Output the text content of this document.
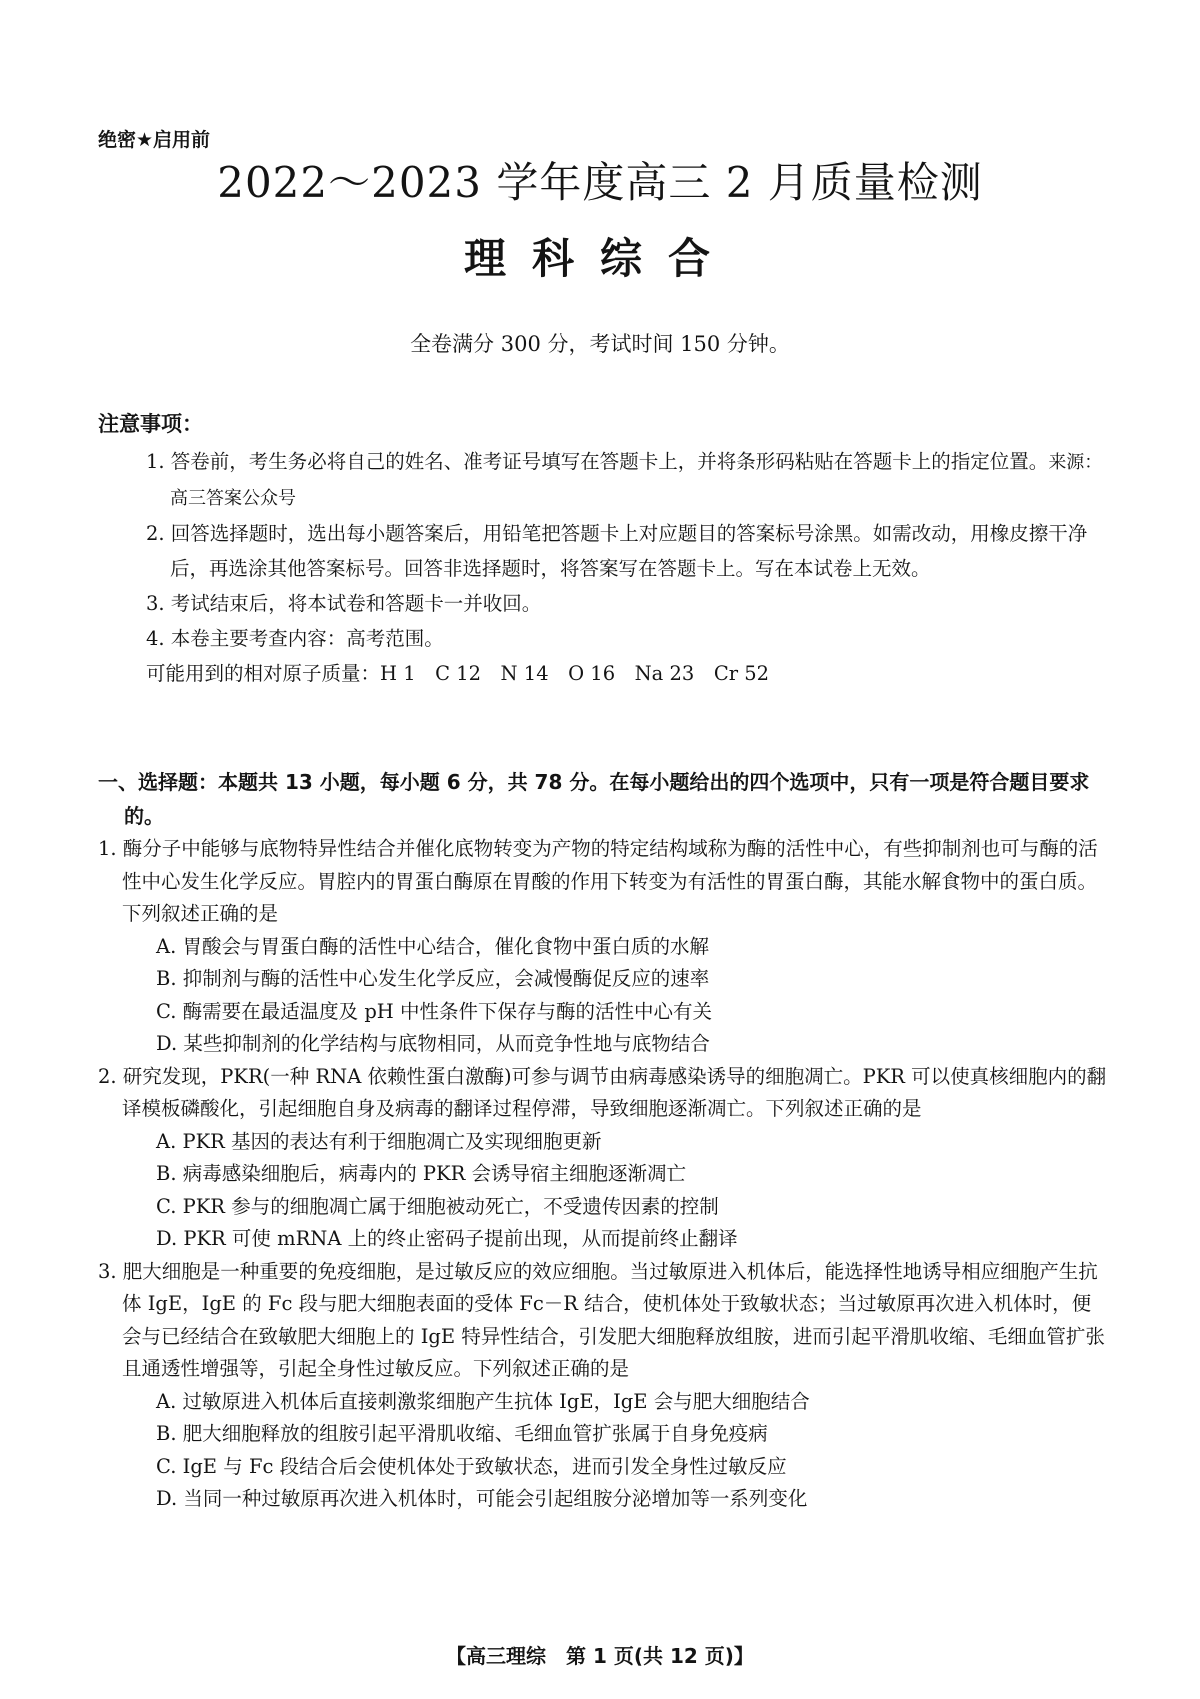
绝密★启用前
2022～2023 学年度高三 2 月质量检测
理科综合
全卷满分 300 分，考试时间 150 分钟。
注意事项：

1. 答卷前，考生务必将自己的姓名、准考证号填写在答题卡上，并将条形码粘贴在答题卡上的指定位置。来源：高三答案公众号

2. 回答选择题时，选出每小题答案后，用铅笔把答题卡上对应题目的答案标号涂黑。如需改动，用橡皮擦干净后，再选涂其他答案标号。回答非选择题时，将答案写在答题卡上。写在本试卷上无效。

3. 考试结束后，将本试卷和答题卡一并收回。

4. 本卷主要考查内容：高考范围。

可能用到的相对原子质量：H 1　C 12　N 14　O 16　Na 23　Cr 52

一、选择题：本题共 13 小题，每小题 6 分，共 78 分。在每小题给出的四个选项中，只有一项是符合题目要求的。

1. 酶分子中能够与底物特异性结合并催化底物转变为产物的特定结构域称为酶的活性中心，有些抑制剂也可与酶的活性中心发生化学反应。胃腔内的胃蛋白酶原在胃酸的作用下转变为有活性的胃蛋白酶，其能水解食物中的蛋白质。下列叙述正确的是

A. 胃酸会与胃蛋白酶的活性中心结合，催化食物中蛋白质的水解
B. 抑制剂与酶的活性中心发生化学反应，会减慢酶促反应的速率
C. 酶需要在最适温度及 pH 中性条件下保存与酶的活性中心有关
D. 某些抑制剂的化学结构与底物相同，从而竞争性地与底物结合

2. 研究发现，PKR(一种 RNA 依赖性蛋白激酶)可参与调节由病毒感染诱导的细胞凋亡。PKR 可以使真核细胞内的翻译模板磷酸化，引起细胞自身及病毒的翻译过程停滞，导致细胞逐渐凋亡。下列叙述正确的是

A. PKR 基因的表达有利于细胞凋亡及实现细胞更新
B. 病毒感染细胞后，病毒内的 PKR 会诱导宿主细胞逐渐凋亡
C. PKR 参与的细胞凋亡属于细胞被动死亡，不受遗传因素的控制
D. PKR 可使 mRNA 上的终止密码子提前出现，从而提前终止翻译

3. 肥大细胞是一种重要的免疫细胞，是过敏反应的效应细胞。当过敏原进入机体后，能选择性地诱导相应细胞产生抗体 IgE，IgE 的 Fc 段与肥大细胞表面的受体 Fc－R 结合，使机体处于致敏状态；当过敏原再次进入机体时，便会与已经结合在致敏肥大细胞上的 IgE 特异性结合，引发肥大细胞释放组胺，进而引起平滑肌收缩、毛细血管扩张且通透性增强等，引起全身性过敏反应。下列叙述正确的是

A. 过敏原进入机体后直接刺激浆细胞产生抗体 IgE，IgE 会与肥大细胞结合
B. 肥大细胞释放的组胺引起平滑肌收缩、毛细血管扩张属于自身免疫病
C. IgE 与 Fc 段结合后会使机体处于致敏状态，进而引发全身性过敏反应
D. 当同一种过敏原再次进入机体时，可能会引起组胺分泌增加等一系列变化
【高三理综　第 1 页(共 12 页)】
